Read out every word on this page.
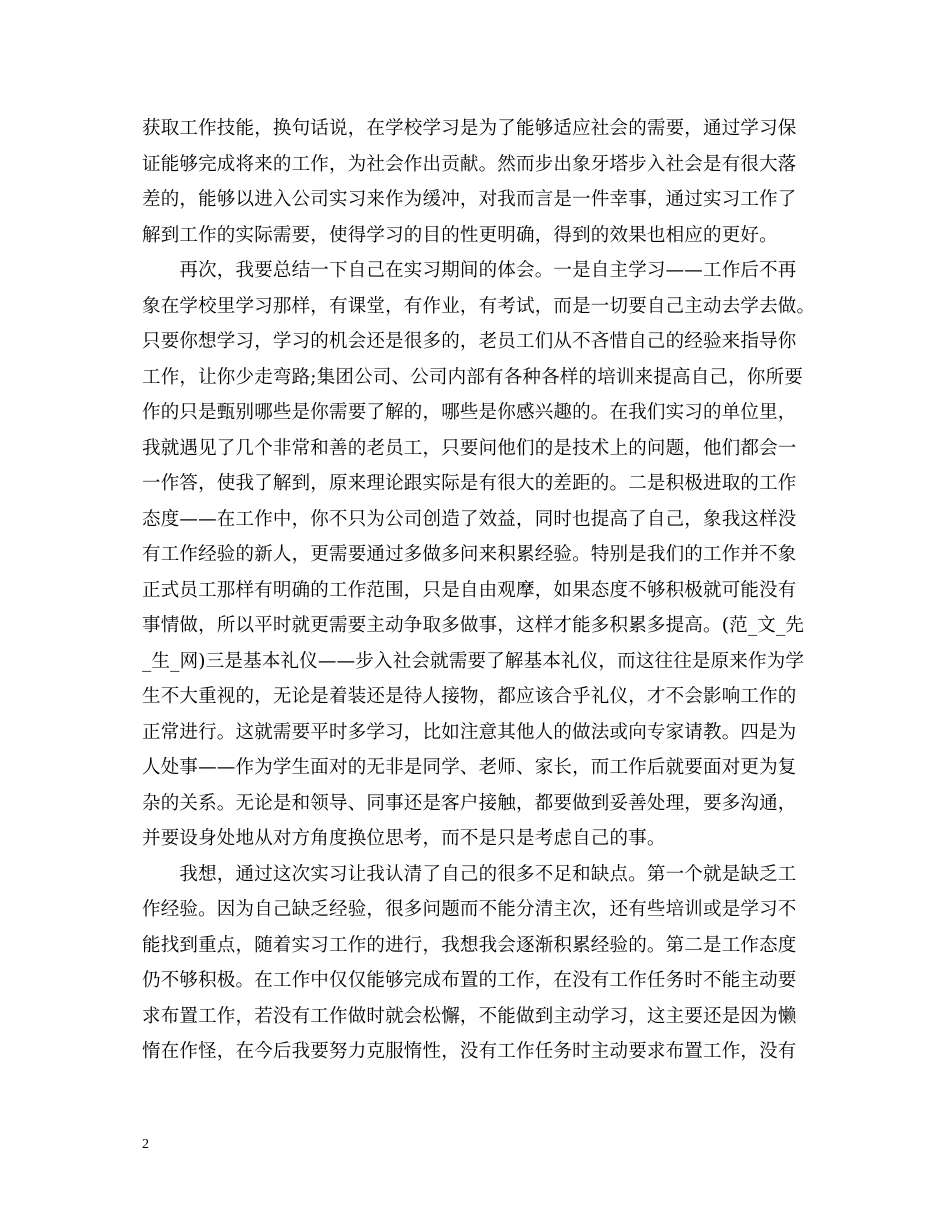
获取工作技能，换句话说，在学校学习是为了能够适应社会的需要，通过学习保
证能够完成将来的工作，为社会作出贡献。然而步出象牙塔步入社会是有很大落
差的，能够以进入公司实习来作为缓冲，对我而言是一件幸事，通过实习工作了
解到工作的实际需要，使得学习的目的性更明确，得到的效果也相应的更好。
　　再次，我要总结一下自己在实习期间的体会。一是自主学习——工作后不再
象在学校里学习那样，有课堂，有作业，有考试，而是一切要自己主动去学去做。
只要你想学习，学习的机会还是很多的，老员工们从不吝惜自己的经验来指导你
工作，让你少走弯路;集团公司、公司内部有各种各样的培训来提高自己，你所要
作的只是甄别哪些是你需要了解的，哪些是你感兴趣的。在我们实习的单位里，
我就遇见了几个非常和善的老员工，只要问他们的是技术上的问题，他们都会一
一作答，使我了解到，原来理论跟实际是有很大的差距的。二是积极进取的工作
态度——在工作中，你不只为公司创造了效益，同时也提高了自己，象我这样没
有工作经验的新人，更需要通过多做多问来积累经验。特别是我们的工作并不象
正式员工那样有明确的工作范围，只是自由观摩，如果态度不够积极就可能没有
事情做，所以平时就更需要主动争取多做事，这样才能多积累多提高。(范_文_先
_生_网)三是基本礼仪——步入社会就需要了解基本礼仪，而这往往是原来作为学
生不大重视的，无论是着装还是待人接物，都应该合乎礼仪，才不会影响工作的
正常进行。这就需要平时多学习，比如注意其他人的做法或向专家请教。四是为
人处事——作为学生面对的无非是同学、老师、家长，而工作后就要面对更为复
杂的关系。无论是和领导、同事还是客户接触，都要做到妥善处理，要多沟通，
并要设身处地从对方角度换位思考，而不是只是考虑自己的事。
　　我想，通过这次实习让我认清了自己的很多不足和缺点。第一个就是缺乏工
作经验。因为自己缺乏经验，很多问题而不能分清主次，还有些培训或是学习不
能找到重点，随着实习工作的进行，我想我会逐渐积累经验的。第二是工作态度
仍不够积极。在工作中仅仅能够完成布置的工作，在没有工作任务时不能主动要
求布置工作，若没有工作做时就会松懈，不能做到主动学习，这主要还是因为懒
惰在作怪，在今后我要努力克服惰性，没有工作任务时主动要求布置工作，没有
2
